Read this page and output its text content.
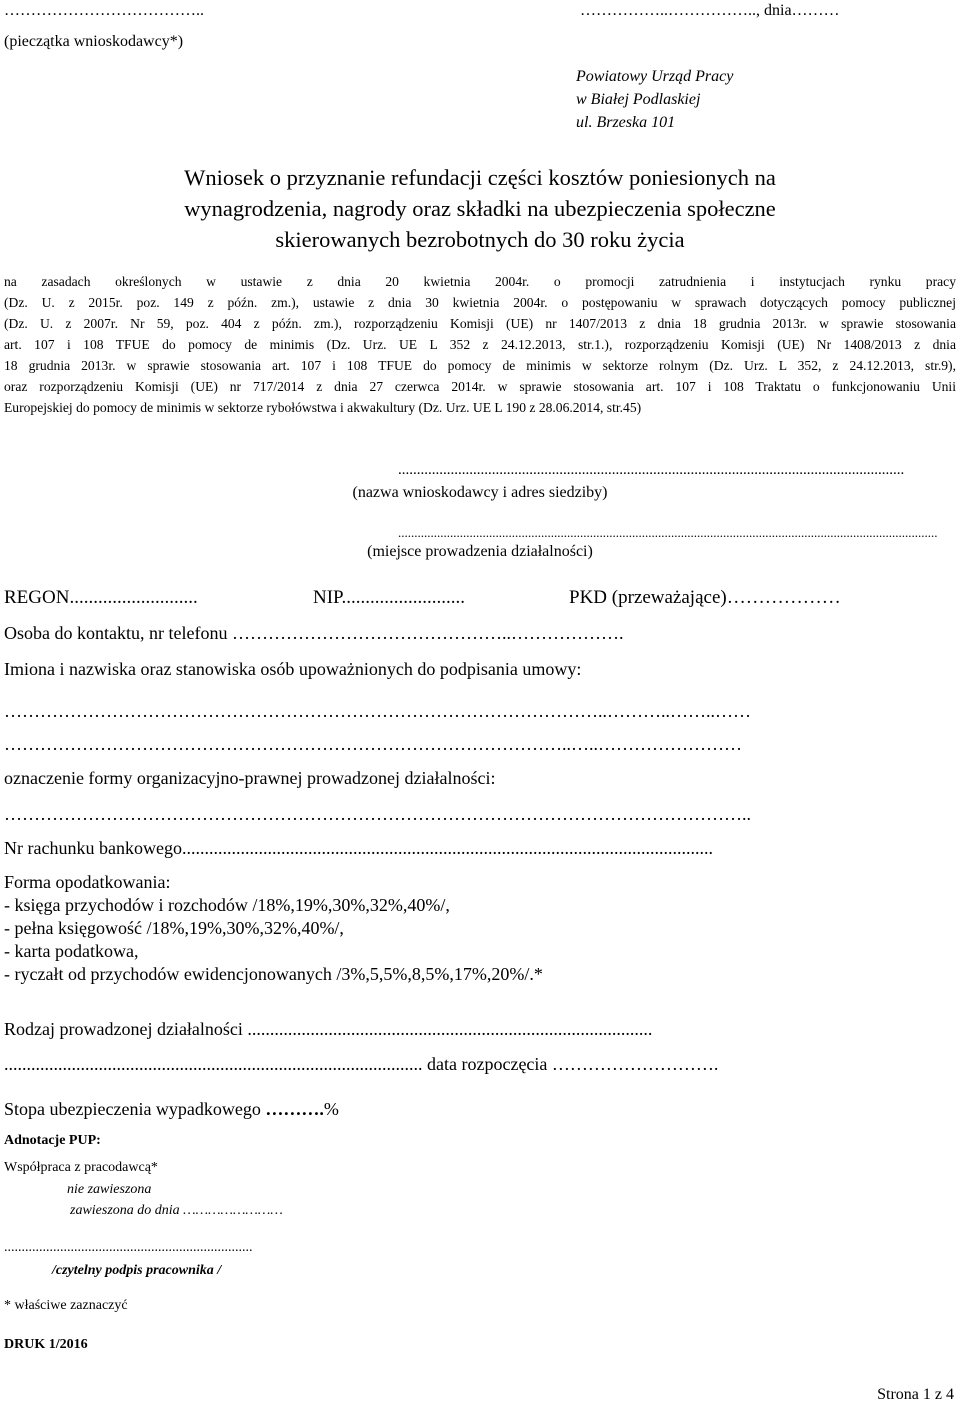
………………………………..
(pieczątka wnioskodawcy*)
……………..…………….., dnia………
Powiatowy Urząd Pracy
w Białej Podlaskiej
ul. Brzeska 101
Wniosek o przyznanie refundacji części kosztów poniesionych na
wynagrodzenia, nagrody oraz składki na ubezpieczenia społeczne
skierowanych bezrobotnych do 30 roku życia

na zasadach określonych w ustawie z dnia 20 kwietnia 2004r. o promocji zatrudnienia i instytucjach rynku pracy

(Dz. U. z 2015r. poz. 149 z późn. zm.), ustawie z dnia 30 kwietnia 2004r. o postępowaniu w sprawach dotyczących pomocy publicznej

(Dz. U. z 2007r. Nr 59, poz. 404 z późn. zm.), rozporządzeniu Komisji (UE) nr 1407/2013 z dnia 18 grudnia 2013r. w sprawie stosowania

art. 107 i 108 TFUE do pomocy de minimis (Dz. Urz. UE L 352 z 24.12.2013, str.1.), rozporządzeniu Komisji (UE) Nr 1408/2013 z dnia

18 grudnia 2013r. w sprawie stosowania art. 107 i 108 TFUE do pomocy de minimis w sektorze rolnym (Dz. Urz. L 352, z 24.12.2013, str.9),

oraz rozporządzeniu Komisji (UE) nr 717/2014 z dnia 27 czerwca 2014r. w sprawie stosowania art. 107 i 108 Traktatu o funkcjonowaniu Unii

Europejskiej do pomocy de minimis w sektorze rybołówstwa i akwakultury (Dz. Urz. UE L 190 z 28.06.2014, str.45)

.......................................................................................................................................
(nazwa wnioskodawcy i adres siedziby)
......................................................................................................................................................................
(miejsce prowadzenia działalności)
REGON...........................	NIP..........................	PKD (przeważające)………………
Osoba do kontaktu, nr telefonu ………………………………………..……………….
Imiona i nazwiska oraz stanowiska osób upoważnionych do podpisania umowy:
………………………………………………………………………………………..………..……..……
…………………………………………………………………………………..…..……………………
oznaczenie formy organizacyjno-prawnej prowadzonej działalności:
……………………………………………………………………………………………………………..
Nr rachunku bankowego......................................................................................................................
Forma opodatkowania:
- księga przychodów i rozchodów /18%,19%,30%,32%,40%/,
- pełna księgowość /18%,19%,30%,32%,40%/,
- karta podatkowa,
- ryczałt od przychodów ewidencjonowanych /3%,5,5%,8,5%,17%,20%/.*
Rodzaj prowadzonej działalności ..........................................................................................
............................................................................................. data rozpoczęcia ……………………….
Stopa ubezpieczenia wypadkowego ……….%
Adnotacje PUP:
Współpraca z pracodawcą*
nie zawieszona
zawieszona do dnia ……………………
.......................................................................
/czytelny podpis pracownika /
* właściwe zaznaczyć
DRUK 1/2016
Strona 1 z 4
